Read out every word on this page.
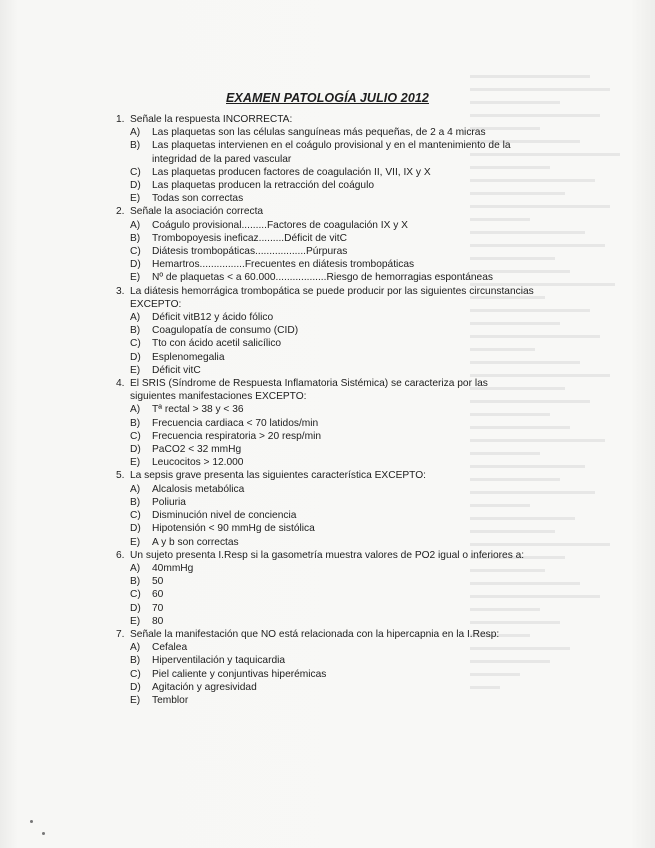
EXAMEN PATOLOGÍA JULIO 2012
1. Señale la respuesta INCORRECTA:
A)	Las plaquetas son las células sanguíneas más pequeñas, de 2 a 4 micras
B)	Las plaquetas intervienen en el coágulo provisional y en el mantenimiento de la integridad de la pared vascular
C)	Las plaquetas producen factores de coagulación II, VII, IX y X
D)	Las plaquetas producen la retracción del coágulo
E)	Todas son correctas
2. Señale la asociación correcta
A)	Coágulo provisional.........Factores de coagulación IX y X
B)	Trombopoyesis ineficaz.........Déficit de vitC
C)	Diátesis trombopáticas..................Púrpuras
D)	Hemartros................Frecuentes en diátesis trombopáticas
E)	Nº de plaquetas < a 60.000..................Riesgo de hemorragias espontáneas
3. La diátesis hemorrágica trombopática se puede producir por las siguientes circunstancias EXCEPTO:
A)	Déficit vitB12 y ácido fólico
B)	Coagulopatía de consumo (CID)
C)	Tto con ácido acetil salicílico
D)	Esplenomegalia
E)	Déficit vitC
4. El SRIS (Síndrome de Respuesta Inflamatoria Sistémica) se caracteriza por las siguientes manifestaciones EXCEPTO:
A)	Tª rectal > 38 y < 36
B)	Frecuencia cardiaca < 70 latidos/min
C)	Frecuencia respiratoria > 20 resp/min
D)	PaCO2 < 32 mmHg
E)	Leucocitos > 12.000
5. La sepsis grave presenta las siguientes característica EXCEPTO:
A)	Alcalosis metabólica
B)	Poliuria
C)	Disminución nivel de conciencia
D)	Hipotensión < 90 mmHg de sistólica
E)	A y b son correctas
6. Un sujeto presenta I.Resp si la gasometría muestra valores de PO2 igual o inferiores a:
A)	40mmHg
B)	50
C)	60
D)	70
E)	80
7. Señale la manifestación que NO está relacionada con la hipercapnia en la I.Resp:
A)	Cefalea
B)	Hiperventilación y taquicardia
C)	Piel caliente y conjuntivas hiperémicas
D)	Agitación y agresividad
E)	Temblor
